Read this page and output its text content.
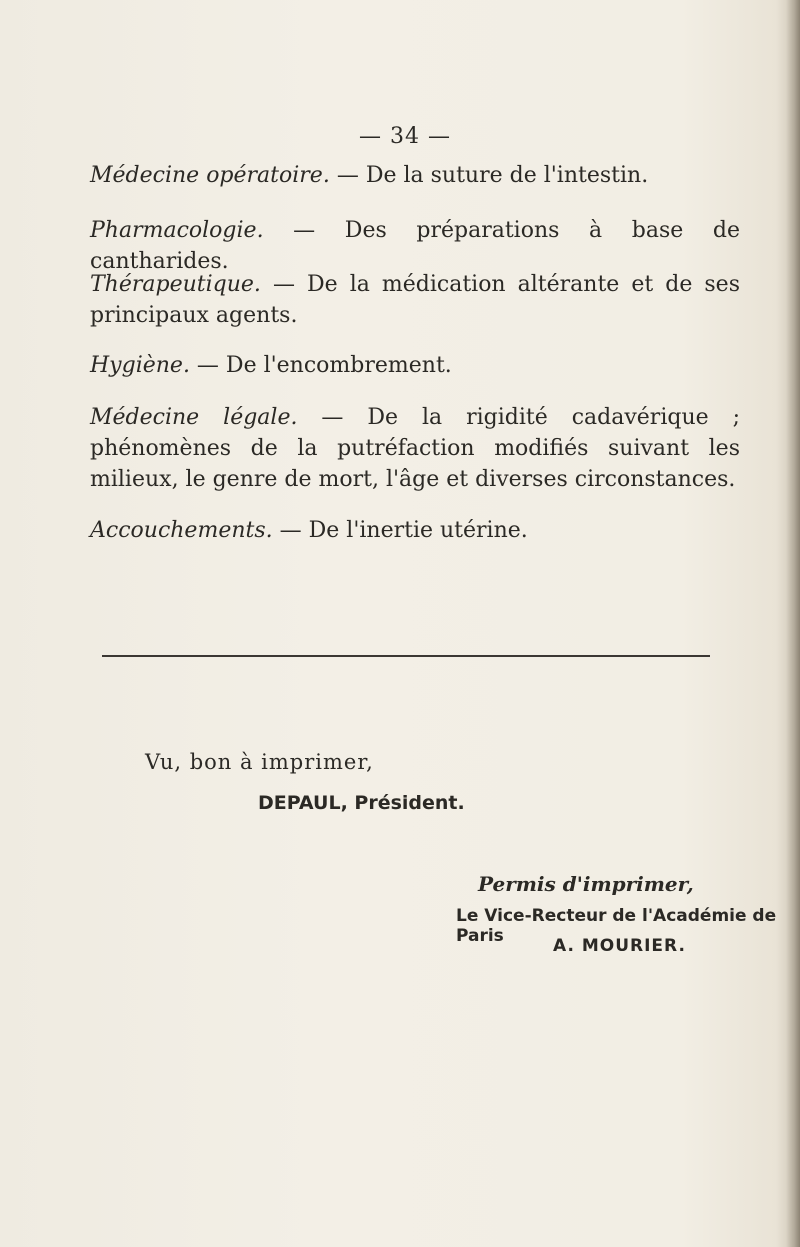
— 34 —

Médecine opératoire. — De la suture de l'intestin.

Pharmacologie. — Des préparations à base de cantharides.

Thérapeutique. — De la médication altérante et de ses principaux agents.

Hygiène. — De l'encombrement.

Médecine légale. — De la rigidité cadavérique ; phénomènes de la putréfaction modifiés suivant les milieux, le genre de mort, l'âge et diverses circonstances.

Accouchements. — De l'inertie utérine.

Vu, bon à imprimer,
DEPAUL, Président.
Permis d'imprimer,
Le Vice-Recteur de l'Académie de Paris	A. MOURIER.
